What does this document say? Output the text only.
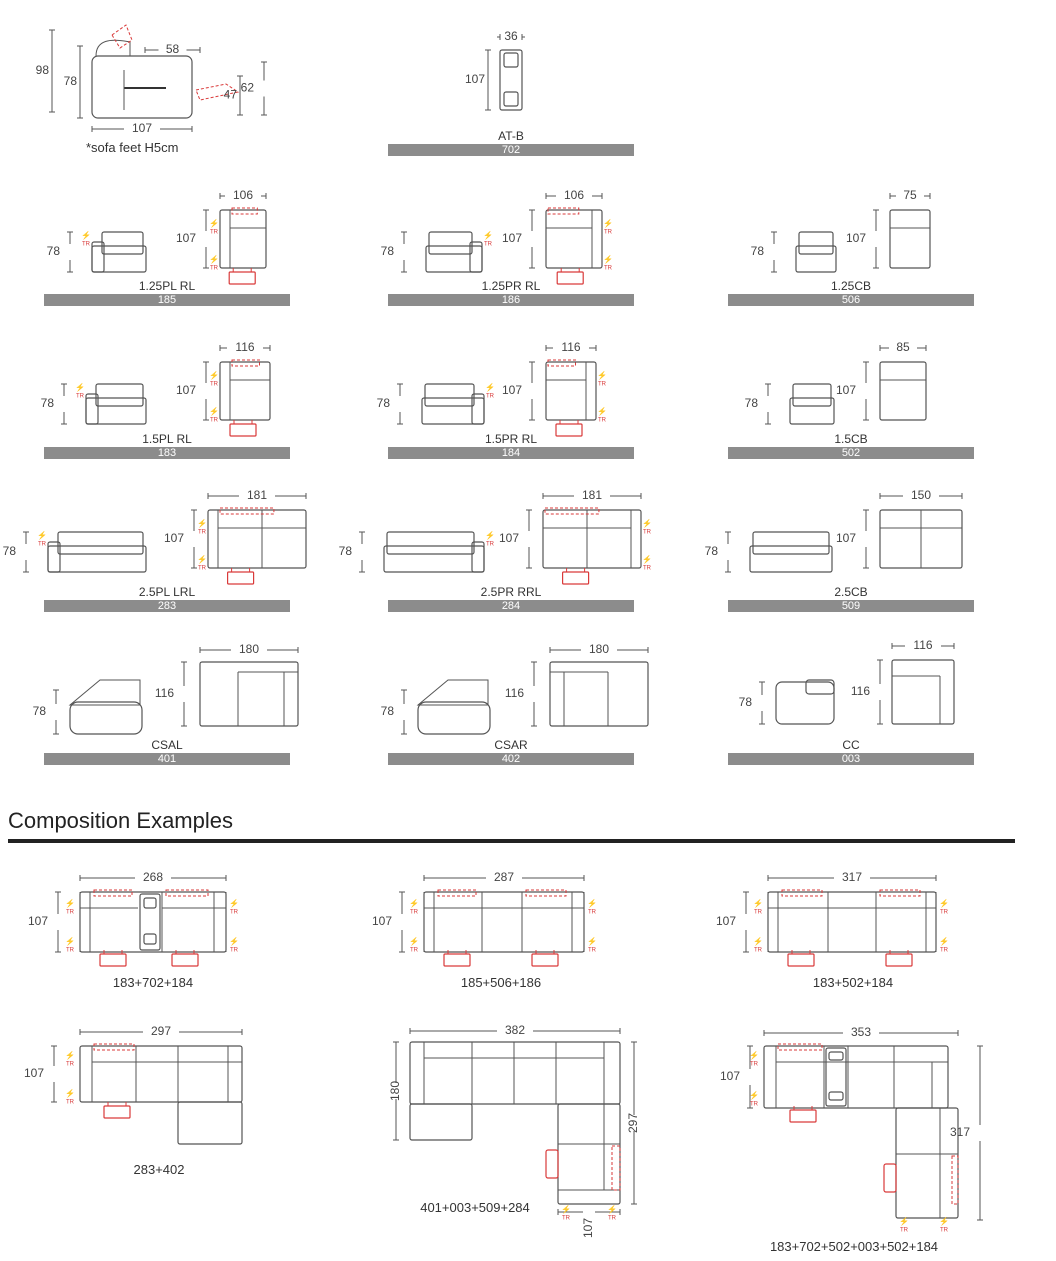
98
78
58
47 62
107
36
107
78
106
107
⚡
TR
⚡
TR
⚡
TR	78
106
107
⚡
TR
⚡
TR
⚡
TR	78
75
107
78
116
107
⚡
TR
⚡
TR
⚡
TR	78
116
107
⚡
TR
⚡
TR
⚡
TR	78
85
107
78
181
107
⚡
TR
⚡
TR
⚡
TR	78
181
107
⚡
TR
⚡
TR
⚡
TR	78
150
107
78
180
116
78
180
116
78
116
116
268
107
⚡
TR
⚡
TR
⚡
TR
⚡
TR
287
107
⚡
TR
⚡
TR
⚡
TR
⚡
TR
317
107
⚡
TR
⚡
TR
⚡
TR
⚡
TR
297
107
⚡
TR
⚡
TR
382
180
297
107
⚡
TR
⚡
TR
353
107
317
⚡
TR
⚡
TR
⚡
TR
⚡
TR
Composition Examples
*sofa feet H5cm
AT-B
702
1.25PL RL
185
1.25PR RL
186
1.25CB
506
1.5PL RL
183
1.5PR RL
184
1.5CB
502
2.5PL LRL
283
2.5PR RRL
284
2.5CB
509
CSAL
401
CSAR
402
CC
003
183+702+184	185+506+186	183+502+184
283+402
401+003+509+284
183+702+502+003+502+184
